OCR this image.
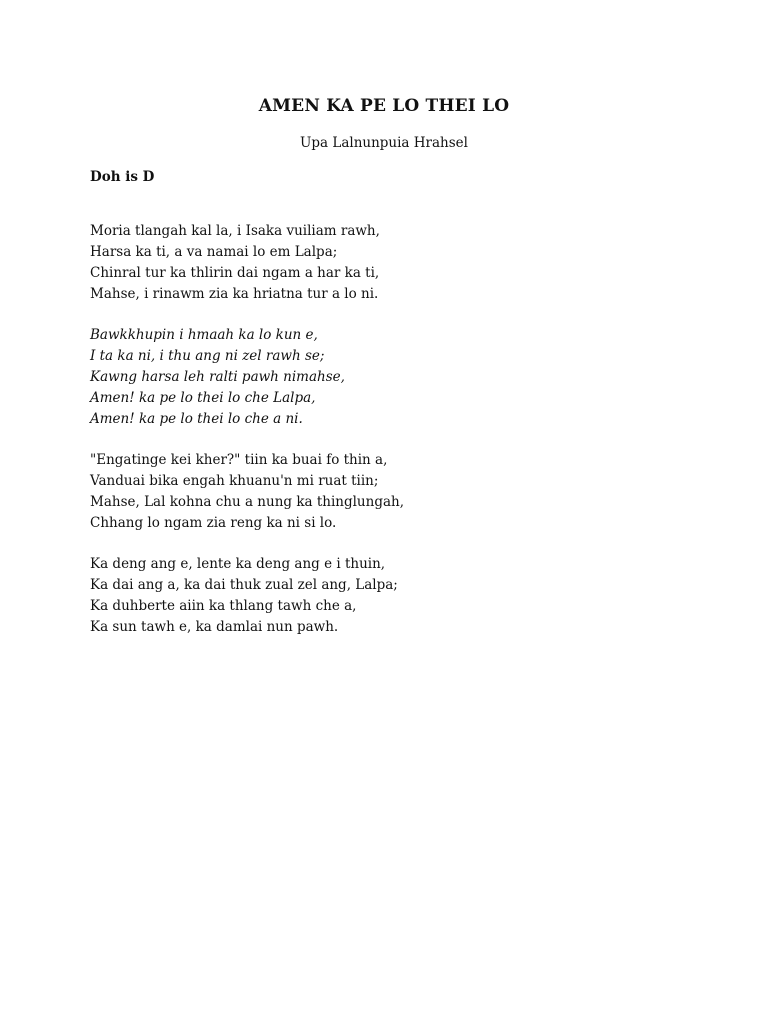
AMEN KA PE LO THEI LO
Upa Lalnunpuia Hrahsel
Doh is D
Moria tlangah kal la, i Isaka vuiliam rawh,
Harsa ka ti, a va namai lo em Lalpa;
Chinral tur ka thlirin dai ngam a har ka ti,
Mahse, i rinawm zia ka hriatna tur a lo ni.
Bawkkhupin i hmaah ka lo kun e,
I ta ka ni, i thu ang ni zel rawh se;
Kawng harsa leh ralti pawh nimahse,
Amen! ka pe lo thei lo che Lalpa,
Amen! ka pe lo thei lo che a ni.
"Engatinge kei kher?" tiin ka buai fo thin a,
Vanduai bika engah khuanu'n mi ruat tiin;
Mahse, Lal kohna chu a nung ka thinglungah,
Chhang lo ngam zia reng ka ni si lo.
Ka deng ang e, lente ka deng ang e i thuin,
Ka dai ang a, ka dai thuk zual zel ang, Lalpa;
Ka duhberte aiin ka thlang tawh che a,
Ka sun tawh e, ka damlai nun pawh.
